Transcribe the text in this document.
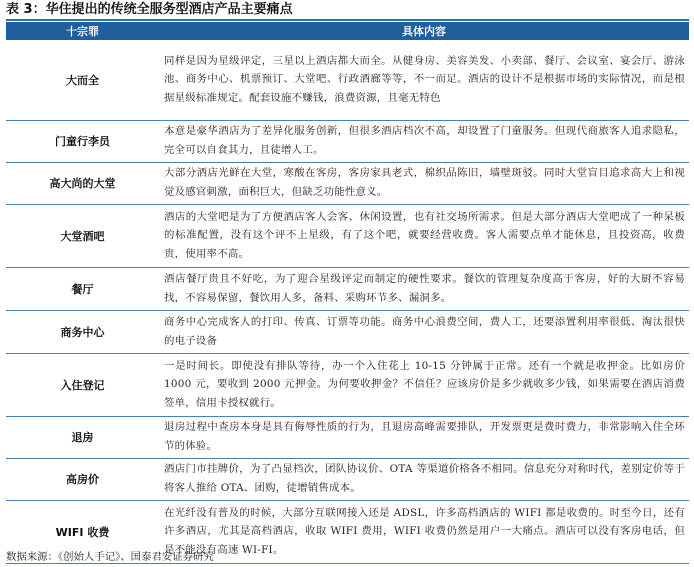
表 3：华住提出的传统全服务型酒店产品主要痛点
十宗罪	具体内容
大而全	同样是因为星级评定，三星以上酒店都大而全。从健身房、美容美发、小卖部、餐厅、会议室、宴会厅、游泳池、商务中心、机票预订、大堂吧、行政酒廊等等，不一而足。酒店的设计不是根据市场的实际情况，而是根据星级标准规定。配套设施不赚钱，浪费资源，且毫无特色
门童行李员	本意是豪华酒店为了差异化服务创新，但很多酒店档次不高，却设置了门童服务。但现代商旅客人追求隐私，完全可以自食其力，且徒增人工。
高大尚的大堂	大部分酒店光鲜在大堂，寒酸在客房，客房家具老式，棉织品陈旧，墙壁斑驳。同时大堂盲目追求高大上和视觉及感官刺激，面积巨大，但缺乏功能性意义。
大堂酒吧	酒店的大堂吧是为了方便酒店客人会客、休闲设置，也有社交场所需求。但是大部分酒店大堂吧成了一种呆板的标准配置，没有这个评不上星级，有了这个吧，就要经营收费。客人需要点单才能休息，且投资高，收费贵，使用率不高。
餐厅	酒店餐厅贵且不好吃，为了迎合星级评定而制定的硬性要求。餐饮的管理复杂度高于客房，好的大厨不容易找，不容易保留，餐饮用人多，备料、采购环节多、漏洞多。
商务中心	商务中心完成客人的打印、传真、订票等功能。商务中心浪费空间，费人工，还要添置利用率很低、淘汰很快的电子设备
入住登记	一是时间长。即使没有排队等待，办一个入住花上 10-15 分钟属于正常。还有一个就是收押金。比如房价 1000 元，要收到 2000 元押金。为何要收押金？不信任？应该房价是多少就收多少钱，如果需要在酒店消费签单，信用卡授权就行。
退房	退房过程中查房本身是具有侮辱性质的行为，且退房高峰需要排队，开发票更是费时费力，非常影响入住全环节的体验。
高房价	酒店门市挂牌价，为了凸显档次，团队协议价、OTA 等渠道价格各不相同。信息充分对称时代，差别定价等于将客人推给 OTA、团购，徒增销售成本。
WIFI 收费	在光纤没有普及的时候，大部分互联网接入还是 ADSL，许多高档酒店的 WIFI 都是收费的。时至今日，还有许多酒店，尤其是高档酒店，收取 WIFI 费用，WIFI 收费仍然是用户一大痛点。酒店可以没有客房电话，但是不能没有高速 WI-FI。
数据来源：《创始人手记》、国泰君安证券研究
